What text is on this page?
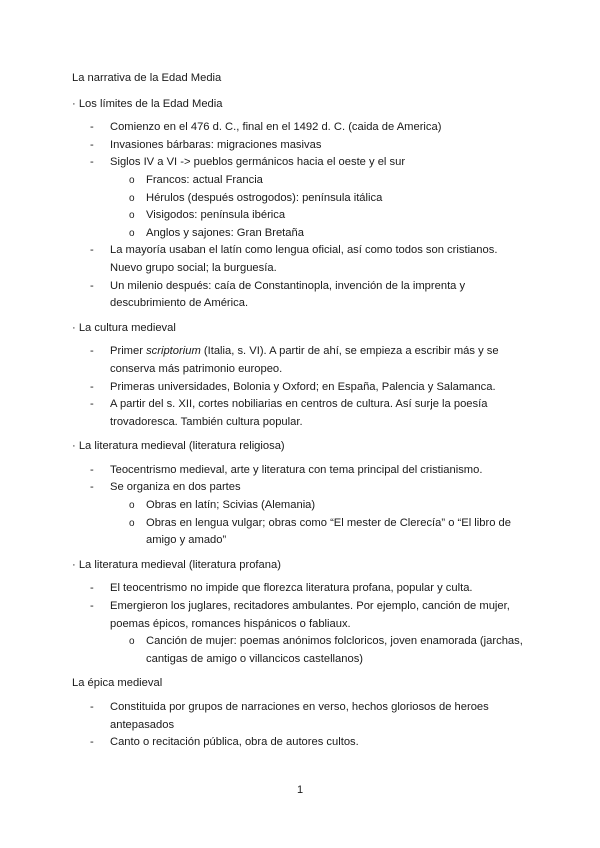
La narrativa de la Edad Media

· Los límites de la Edad Media

- Comienzo en el 476 d. C., final en el 1492 d. C. (caida de America)
- Invasiones bárbaras: migraciones masivas
- Siglos IV a VI -> pueblos germánicos hacia el oeste y el sur
o Francos: actual Francia
o Hérulos (después ostrogodos): península itálica
o Visigodos: península ibérica
o Anglos y sajones: Gran Bretaña
- La mayoría usaban el latín como lengua oficial, así como todos son cristianos. Nuevo grupo social; la burguesía.
- Un milenio después: caía de Constantinopla, invención de la imprenta y descubrimiento de América.

· La cultura medieval

- Primer scriptorium (Italia, s. VI). A partir de ahí, se empieza a escribir más y se conserva más patrimonio europeo.
- Primeras universidades, Bolonia y Oxford; en España, Palencia y Salamanca.
- A partir del s. XII, cortes nobiliarias en centros de cultura. Así surje la poesía trovadoresca. También cultura popular.

· La literatura medieval (literatura religiosa)

- Teocentrismo medieval, arte y literatura con tema principal del cristianismo.
- Se organiza en dos partes
o Obras en latín; Scivias (Alemania)
o Obras en lengua vulgar; obras como “El mester de Clerecía” o “El libro de amigo y amado”

· La literatura medieval (literatura profana)

- El teocentrismo no impide que florezca literatura profana, popular y culta.
- Emergieron los juglares, recitadores ambulantes. Por ejemplo, canción de mujer, poemas épicos, romances hispánicos o fabliaux.
o Canción de mujer: poemas anónimos folcloricos, joven enamorada (jarchas, cantigas de amigo o villancicos castellanos)

La épica medieval

- Constituida por grupos de narraciones en verso, hechos gloriosos de heroes antepasados
- Canto o recitación pública, obra de autores cultos.
1
